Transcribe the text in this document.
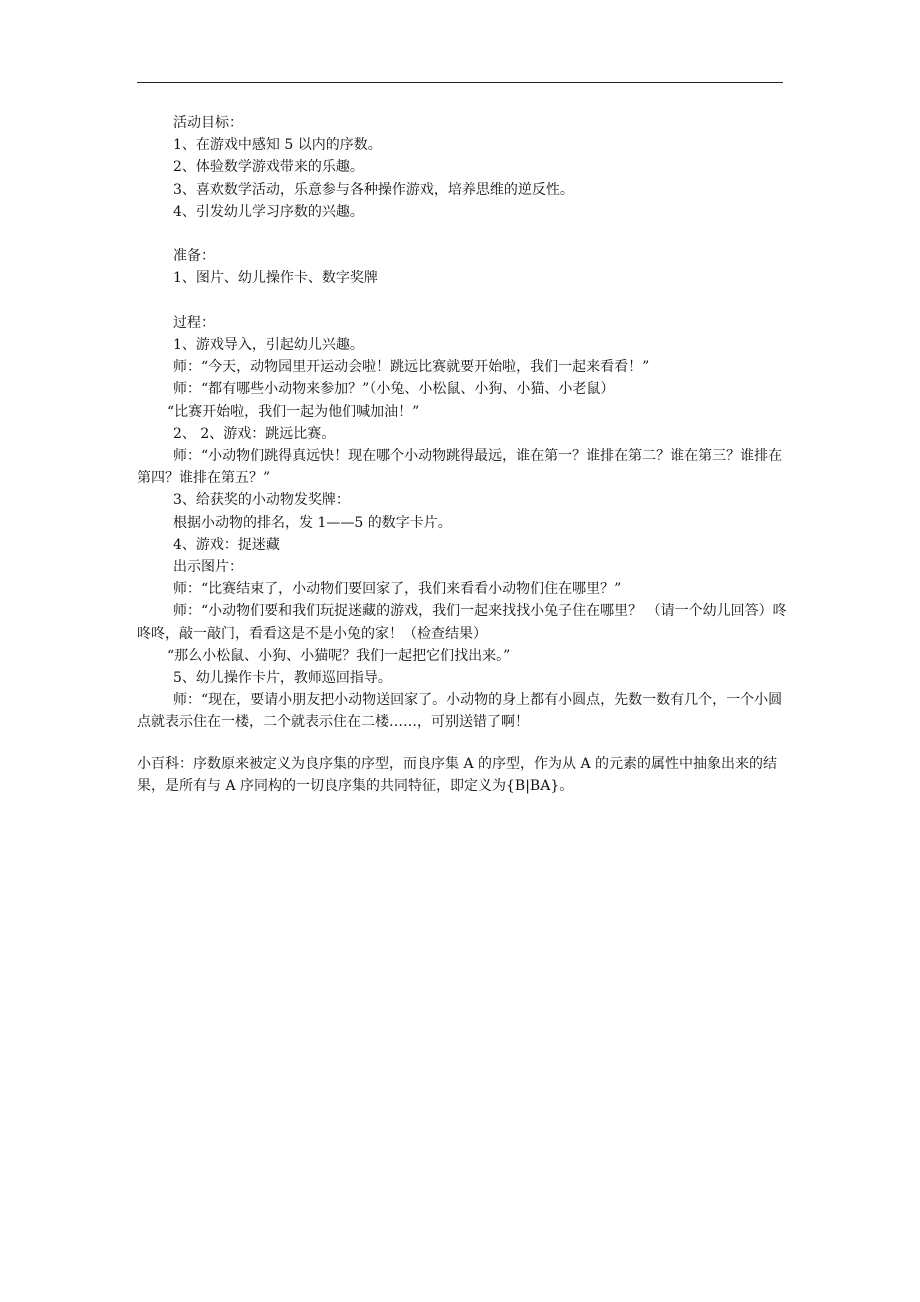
活动目标：

1、在游戏中感知 5 以内的序数。

2、体验数学游戏带来的乐趣。

3、喜欢数学活动，乐意参与各种操作游戏，培养思维的逆反性。

4、引发幼儿学习序数的兴趣。

准备：

1、图片、幼儿操作卡、数字奖牌

过程：

1、游戏导入，引起幼儿兴趣。

师：“今天，动物园里开运动会啦！跳远比赛就要开始啦，我们一起来看看！”

师：“都有哪些小动物来参加？”（小兔、小松鼠、小狗、小猫、小老鼠）

“比赛开始啦，我们一起为他们喊加油！”

2、 2、游戏：跳远比赛。

师：“小动物们跳得真远快！现在哪个小动物跳得最远，谁在第一？谁排在第二？谁在第三？谁排在第四？谁排在第五？”

3、给获奖的小动物发奖牌：

根据小动物的排名，发 1——5 的数字卡片。

4、游戏：捉迷藏

出示图片：

师：“比赛结束了，小动物们要回家了，我们来看看小动物们住在哪里？”

师：“小动物们要和我们玩捉迷藏的游戏，我们一起来找找小兔子住在哪里？ （请一个幼儿回答）咚咚咚，敲一敲门，看看这是不是小兔的家！（检查结果）

“那么小松鼠、小狗、小猫呢？我们一起把它们找出来。”

5、幼儿操作卡片，教师巡回指导。

师：“现在，要请小朋友把小动物送回家了。小动物的身上都有小圆点，先数一数有几个，一个小圆点就表示住在一楼，二个就表示住在二楼……，可别送错了啊！

小百科：序数原来被定义为良序集的序型，而良序集 A 的序型，作为从 A 的元素的属性中抽象出来的结果，是所有与 A 序同构的一切良序集的共同特征，即定义为{B|BA}。
